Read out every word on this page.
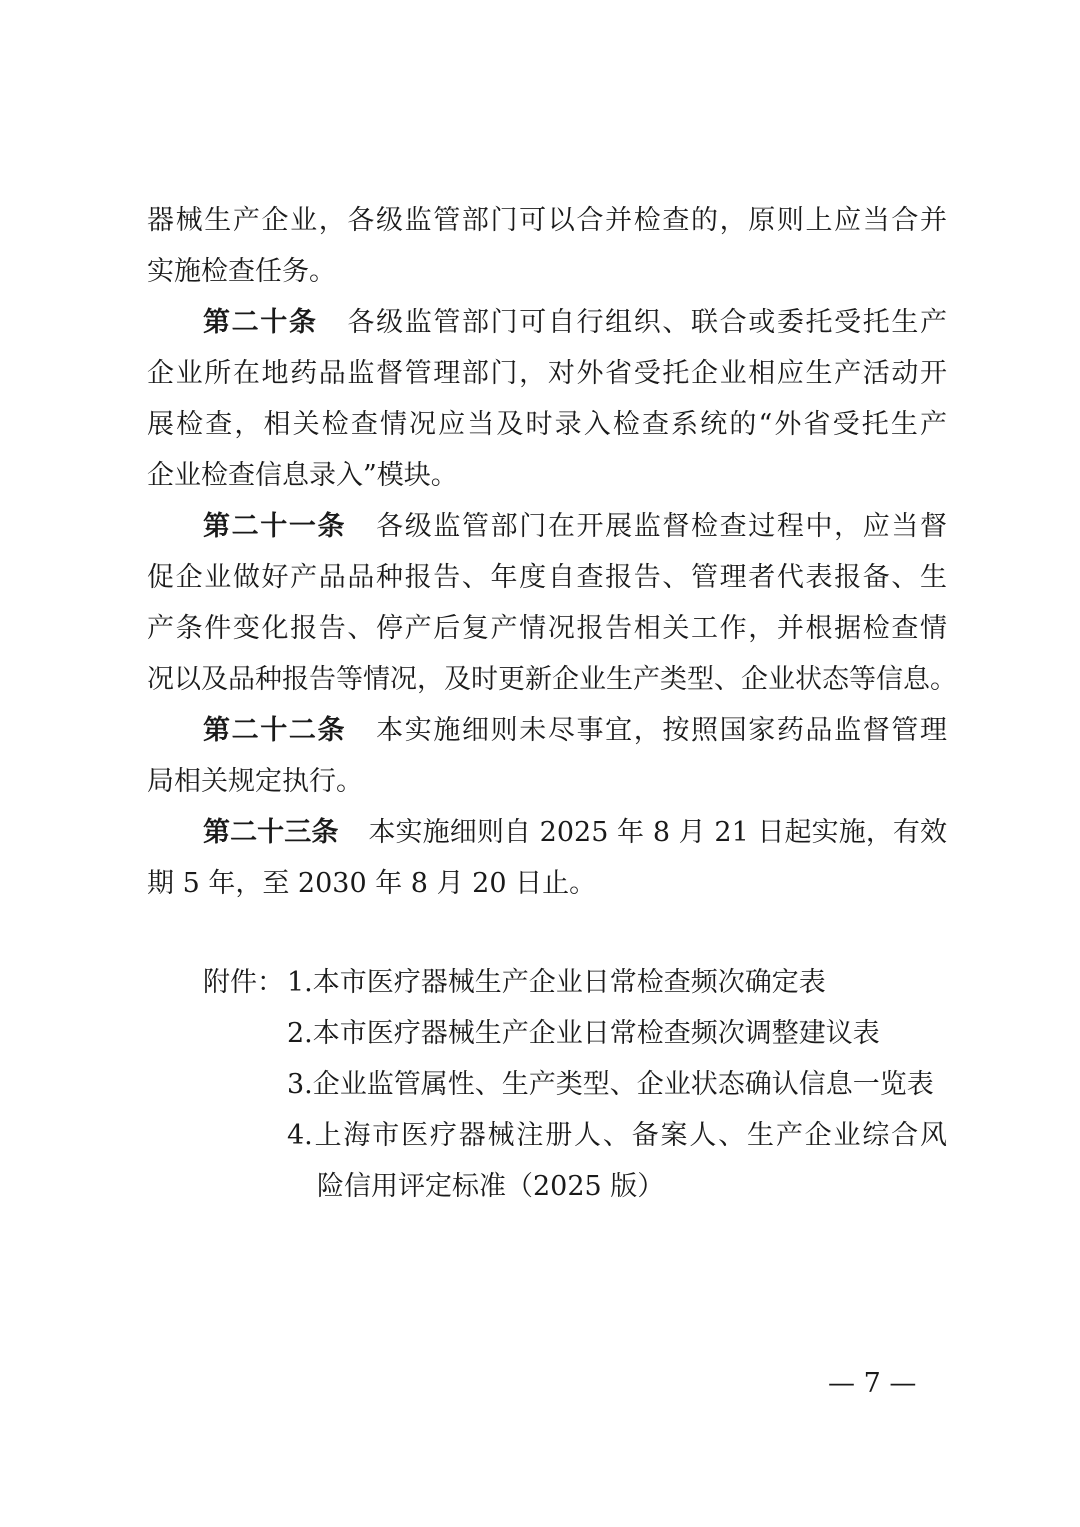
器械生产企业，各级监管部门可以合并检查的，原则上应当合并
实施检查任务。
第二十条 各级监管部门可自行组织、联合或委托受托生产
企业所在地药品监督管理部门，对外省受托企业相应生产活动开
展检查，相关检查情况应当及时录入检查系统的“外省受托生产
企业检查信息录入”模块。
第二十一条 各级监管部门在开展监督检查过程中，应当督
促企业做好产品品种报告、年度自查报告、管理者代表报备、生
产条件变化报告、停产后复产情况报告相关工作，并根据检查情
况以及品种报告等情况，及时更新企业生产类型、企业状态等信息。
第二十二条 本实施细则未尽事宜，按照国家药品监督管理
局相关规定执行。
第二十三条 本实施细则自 2025 年 8 月 21 日起实施，有效
期 5 年，至 2030 年 8 月 20 日止。
附件： 1.本市医疗器械生产企业日常检查频次确定表
2.本市医疗器械生产企业日常检查频次调整建议表
3.企业监管属性、生产类型、企业状态确认信息一览表
4.上海市医疗器械注册人、备案人、生产企业综合风
险信用评定标准（2025 版）
— 7 —
